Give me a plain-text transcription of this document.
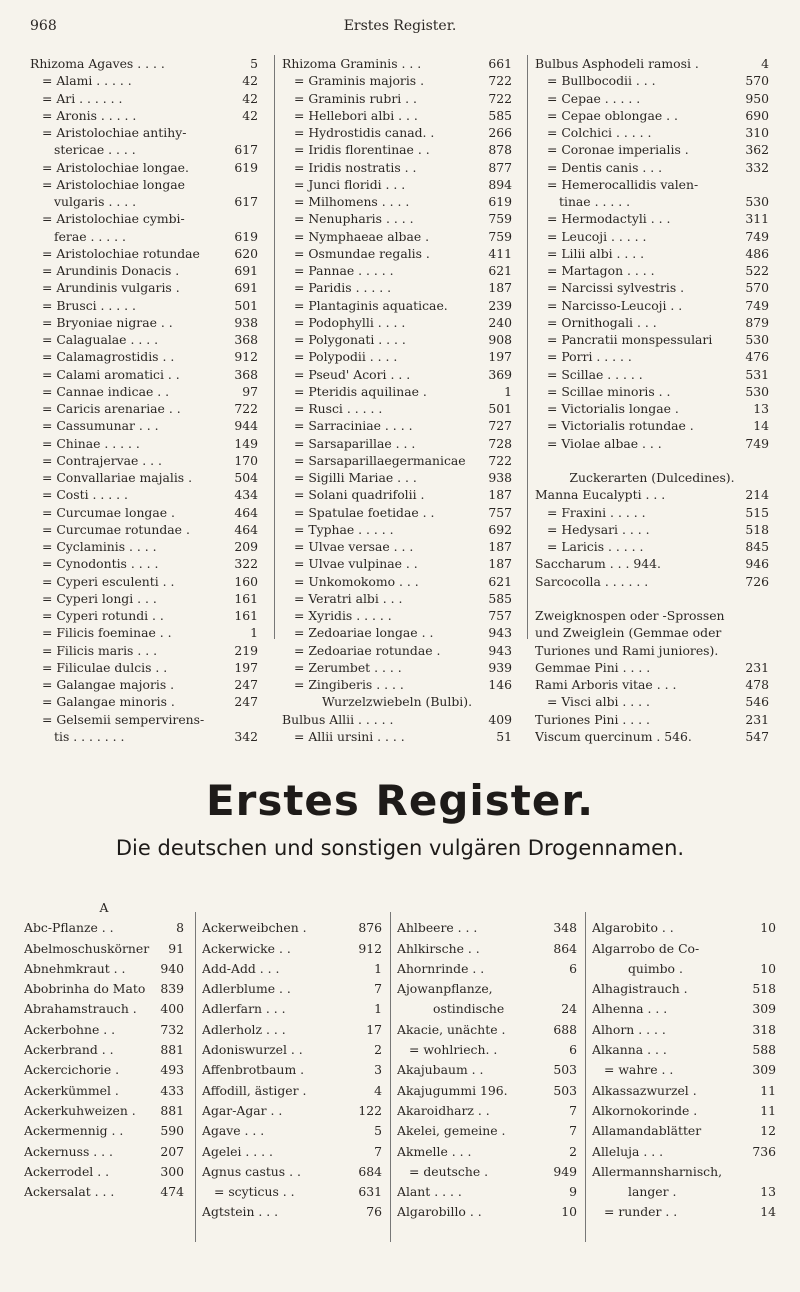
968	Erstes Register.
Rhizoma Agaves . . . .	5
= Alami . . . . .	42
= Ari . . . . . .	42
= Aronis . . . . .	42
= Aristolochiae antihy-
stericae . . . .	617
= Aristolochiae longae.	619
= Aristolochiae longae
vulgaris . . . .	617
= Aristolochiae cymbi-
ferae . . . . .	619
= Aristolochiae rotundae	620
= Arundinis Donacis .	691
= Arundinis vulgaris .	691
= Brusci . . . . .	501
= Bryoniae nigrae . .	938
= Calagualae . . . .	368
= Calamagrostidis . .	912
= Calami aromatici . .	368
= Cannae indicae . .	97
= Caricis arenariae . .	722
= Cassumunar . . .	944
= Chinae . . . . .	149
= Contrajervae . . .	170
= Convallariae majalis .	504
= Costi . . . . .	434
= Curcumae longae .	464
= Curcumae rotundae .	464
= Cyclaminis . . . .	209
= Cynodontis . . . .	322
= Cyperi esculenti . .	160
= Cyperi longi . . .	161
= Cyperi rotundi . .	161
= Filicis foeminae . .	1
= Filicis maris . . .	219
= Filiculae dulcis . .	197
= Galangae majoris .	247
= Galangae minoris .	247
= Gelsemii sempervirens-
tis . . . . . . .	342
Rhizoma Graminis . . .	661
= Graminis majoris .	722
= Graminis rubri . .	722
= Hellebori albi . . .	585
= Hydrostidis canad. .	266
= Iridis florentinae . .	878
= Iridis nostratis . .	877
= Junci floridi . . .	894
= Milhomens . . . .	619
= Nenupharis . . . .	759
= Nymphaeae albae .	759
= Osmundae regalis .	411
= Pannae . . . . .	621
= Paridis . . . . .	187
= Plantaginis aquaticae.	239
= Podophylli . . . .	240
= Polygonati . . . .	908
= Polypodii . . . .	197
= Pseud' Acori . . .	369
= Pteridis aquilinae .	1
= Rusci . . . . .	501
= Sarraciniae . . . .	727
= Sarsaparillae . . .	728
= Sarsaparillaegermanicae	722
= Sigilli Mariae . . .	938
= Solani quadrifolii .	187
= Spatulae foetidae . .	757
= Typhae . . . . .	692
= Ulvae versae . . .	187
= Ulvae vulpinae . .	187
= Unkomokomo . . .	621
= Veratri albi . . .	585
= Xyridis . . . . .	757
= Zedoariae longae . .	943
= Zedoariae rotundae .	943
= Zerumbet . . . .	939
= Zingiberis . . . .	146
Wurzelzwiebeln (Bulbi).
Bulbus Allii . . . . .	409
= Allii ursini . . . .	51
Bulbus Asphodeli ramosi .	4
= Bullbocodii . . .	570
= Cepae . . . . .	950
= Cepae oblongae . .	690
= Colchici . . . . .	310
= Coronae imperialis .	362
= Dentis canis . . .	332
= Hemerocallidis valen-
tinae . . . . .	530
= Hermodactyli . . .	311
= Leucoji . . . . .	749
= Lilii albi . . . .	486
= Martagon . . . .	522
= Narcissi sylvestris .	570
= Narcisso-Leucoji . .	749
= Ornithogali . . .	879
= Pancratii monspessulari	530
= Porri . . . . .	476
= Scillae . . . . .	531
= Scillae minoris . .	530
= Victorialis longae .	13
= Victorialis rotundae .	14
= Violae albae . . .	749
Zuckerarten (Dulcedines).
Manna Eucalypti . . .	214
= Fraxini . . . . .	515
= Hedysari . . . .	518
= Laricis . . . . .	845
Saccharum . . . 944.	946
Sarcocolla . . . . . .	726
Zweigknospen oder -Sprossen
und Zweiglein (Gemmae oder
Turiones und Rami juniores).
Gemmae Pini . . . .	231
Rami Arboris vitae . . .	478
= Visci albi . . . .	546
Turiones Pini . . . .	231
Viscum quercinum . 546.	547
Erstes Register.
Die deutschen und sonstigen vulgären Drogennamen.
A
Abc-Pflanze . .	8
Abelmoschuskörner	91
Abnehmkraut . .	940
Abobrinha do Mato	839
Abrahamstrauch .	400
Ackerbohne . .	732
Ackerbrand . .	881
Ackercichorie .	493
Ackerkümmel .	433
Ackerkuhweizen .	881
Ackermennig . .	590
Ackernuss . . .	207
Ackerrodel . .	300
Ackersalat . . .	474
Ackerweibchen .	876
Ackerwicke . .	912
Add-Add . . .	1
Adlerblume . .	7
Adlerfarn . . .	1
Adlerholz . . .	17
Adoniswurzel . .	2
Affenbrotbaum .	3
Affodill, ästiger .	4
Agar-Agar . .	122
Agave . . .	5
Agelei . . . .	7
Agnus castus . .	684
= scyticus . .	631
Agtstein . . .	76
Ahlbeere . . .	348
Ahlkirsche . .	864
Ahornrinde . .	6
Ajowanpflanze,
ostindische	24
Akacie, unächte .	688
= wohlriech. .	6
Akajubaum . .	503
Akajugummi 196.	503
Akaroidharz . .	7
Akelei, gemeine .	7
Akmelle . . .	2
= deutsche .	949
Alant . . . .	9
Algarobillo . .	10
Algarobito . .	10
Algarrobo de Co-
quimbo .	10
Alhagistrauch .	518
Alhenna . . .	309
Alhorn . . . .	318
Alkanna . . .	588
= wahre . .	309
Alkassazwurzel .	11
Alkornokorinde .	11
Allamandablätter	12
Alleluja . . .	736
Allermannsharnisch,
langer .	13
= runder . .	14
